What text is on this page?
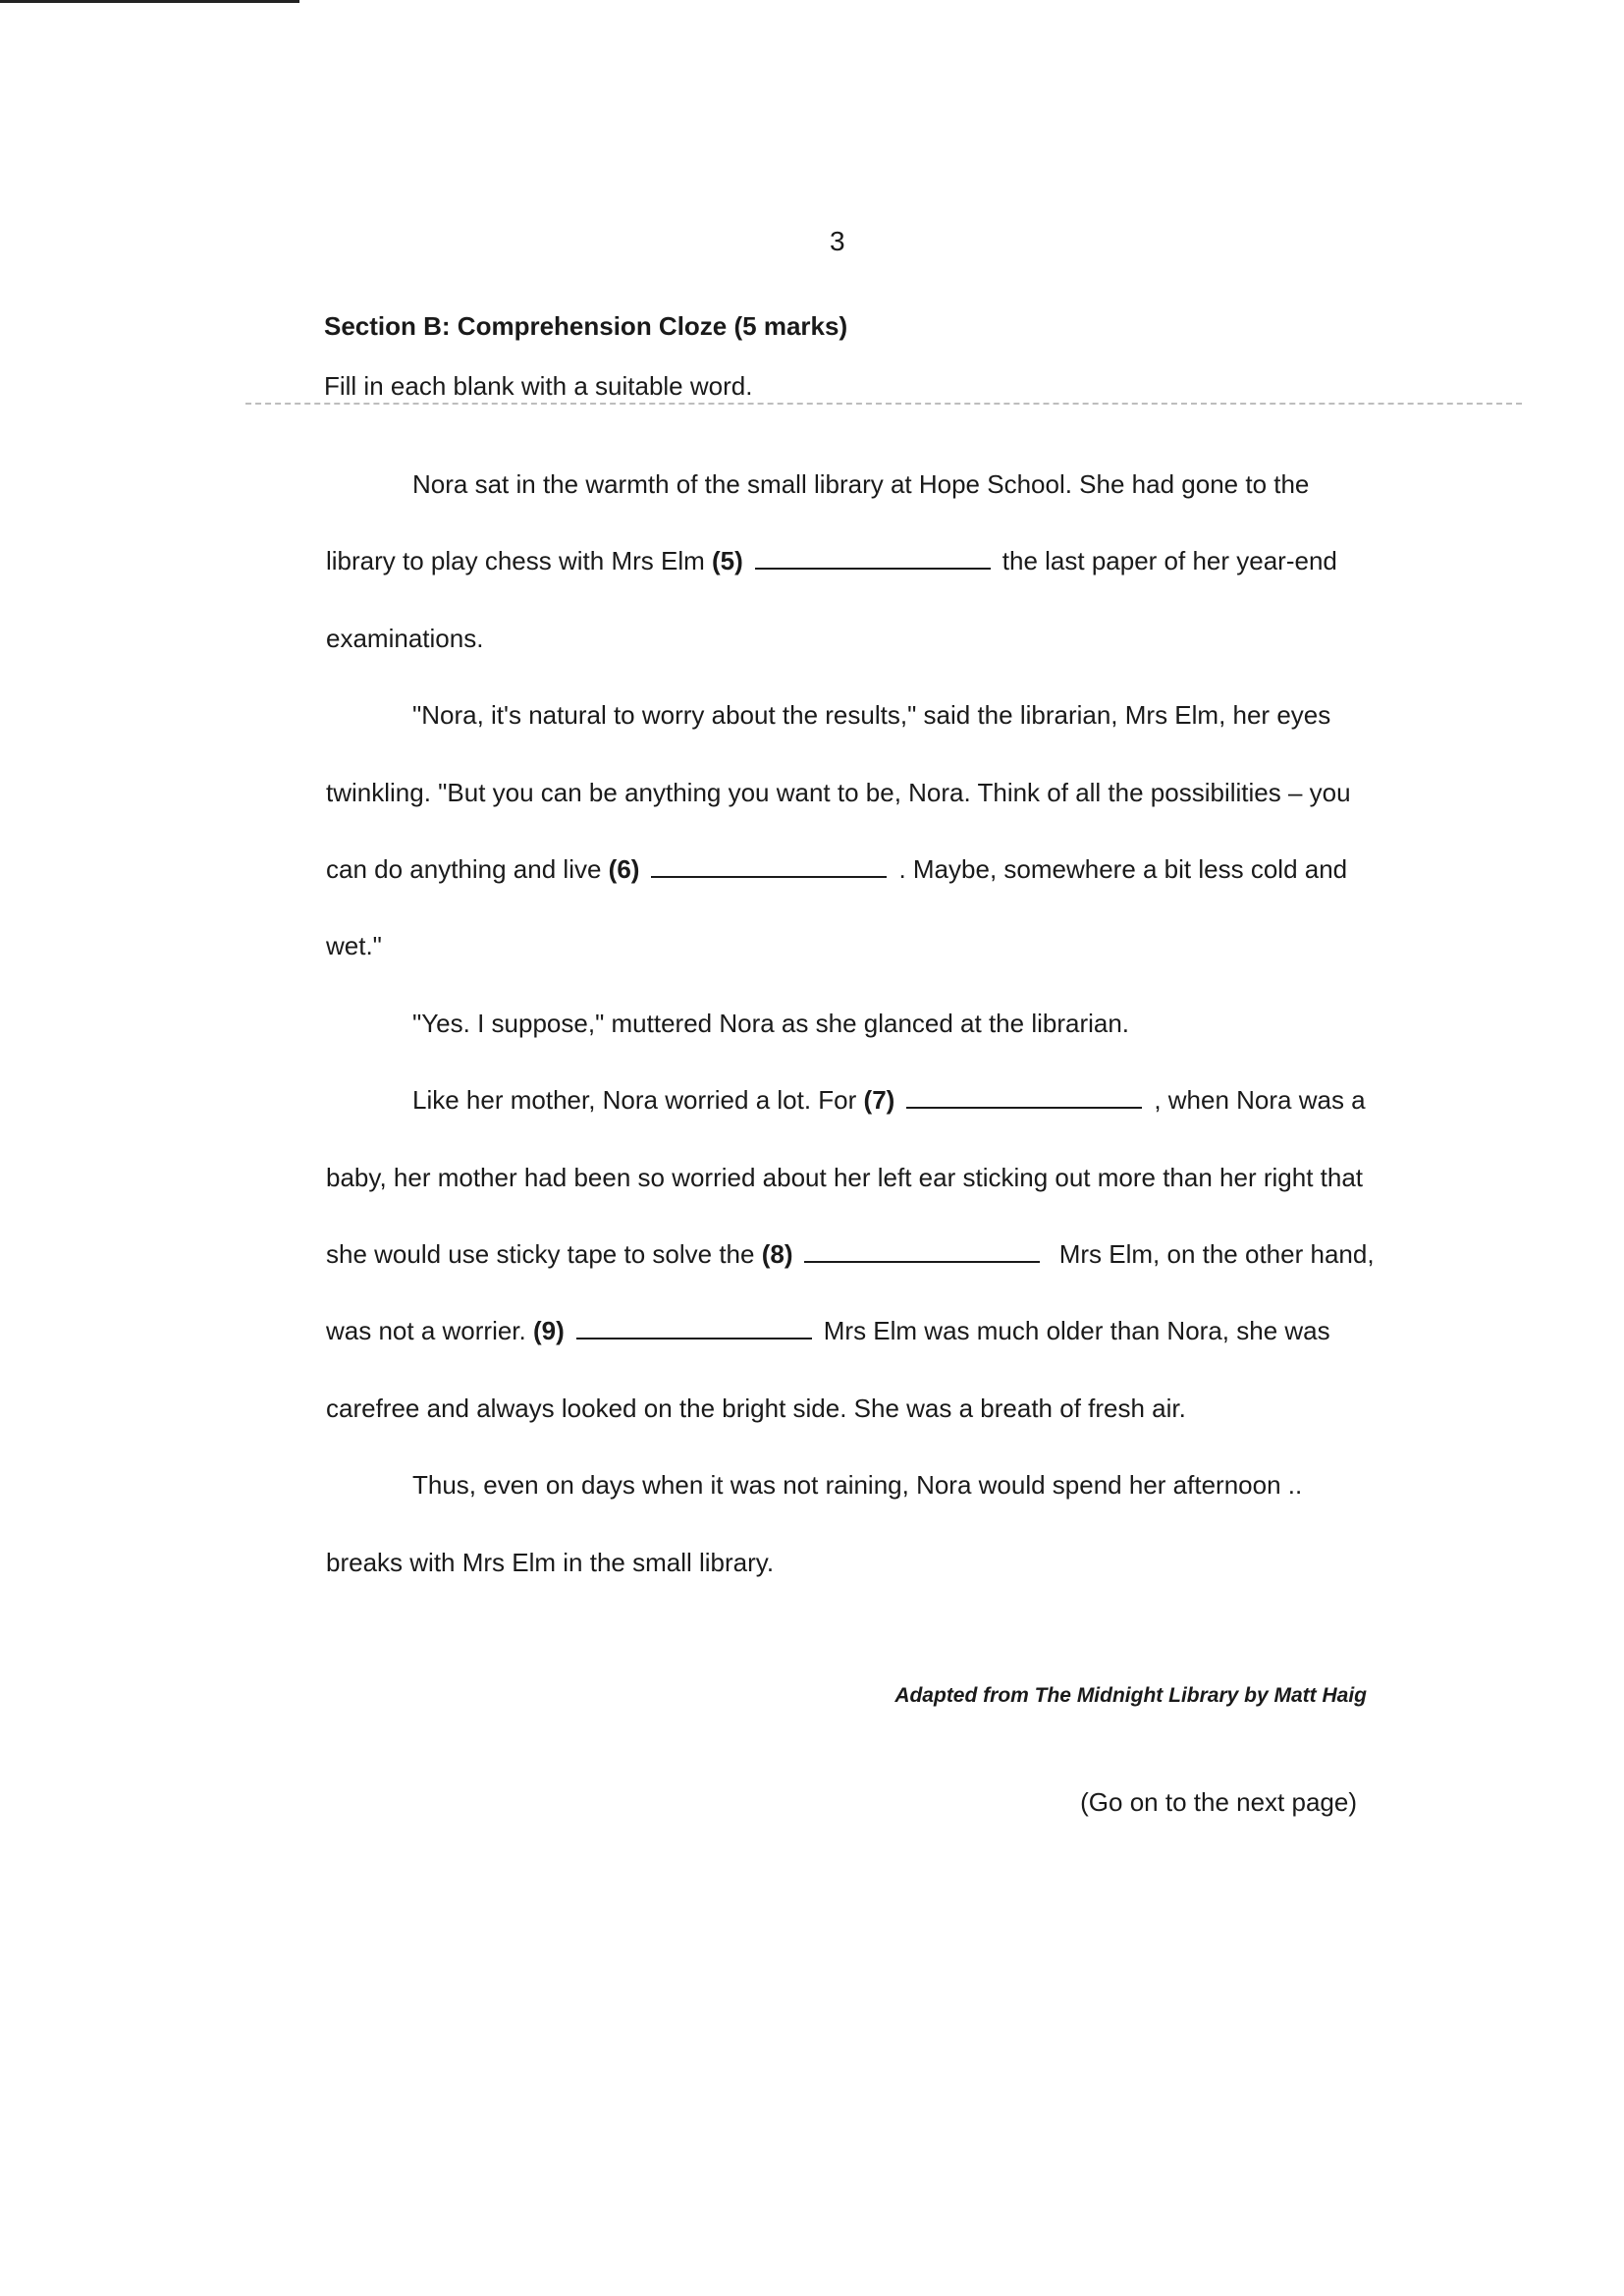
3
Section B: Comprehension Cloze (5 marks)
Fill in each blank with a suitable word.

Nora sat in the warmth of the small library at Hope School. She had gone to the library to play chess with Mrs Elm (5)	the last paper of her year-end examinations.

"Nora, it's natural to worry about the results," said the librarian, Mrs Elm, her eyes twinkling. "But you can be anything you want to be, Nora. Think of all the possibilities – you can do anything and live (6)	. Maybe, somewhere a bit less cold and wet."

"Yes. I suppose," muttered Nora as she glanced at the librarian.

Like her mother, Nora worried a lot. For (7)	, when Nora was a baby, her mother had been so worried about her left ear sticking out more than her right that she would use sticky tape to solve the (8)	Mrs Elm, on the other hand, was not a worrier. (9)	Mrs Elm was much older than Nora, she was carefree and always looked on the bright side. She was a breath of fresh air.

Thus, even on days when it was not raining, Nora would spend her afternoon .. breaks with Mrs Elm in the small library.

Adapted from The Midnight Library by Matt Haig
(Go on to the next page)
